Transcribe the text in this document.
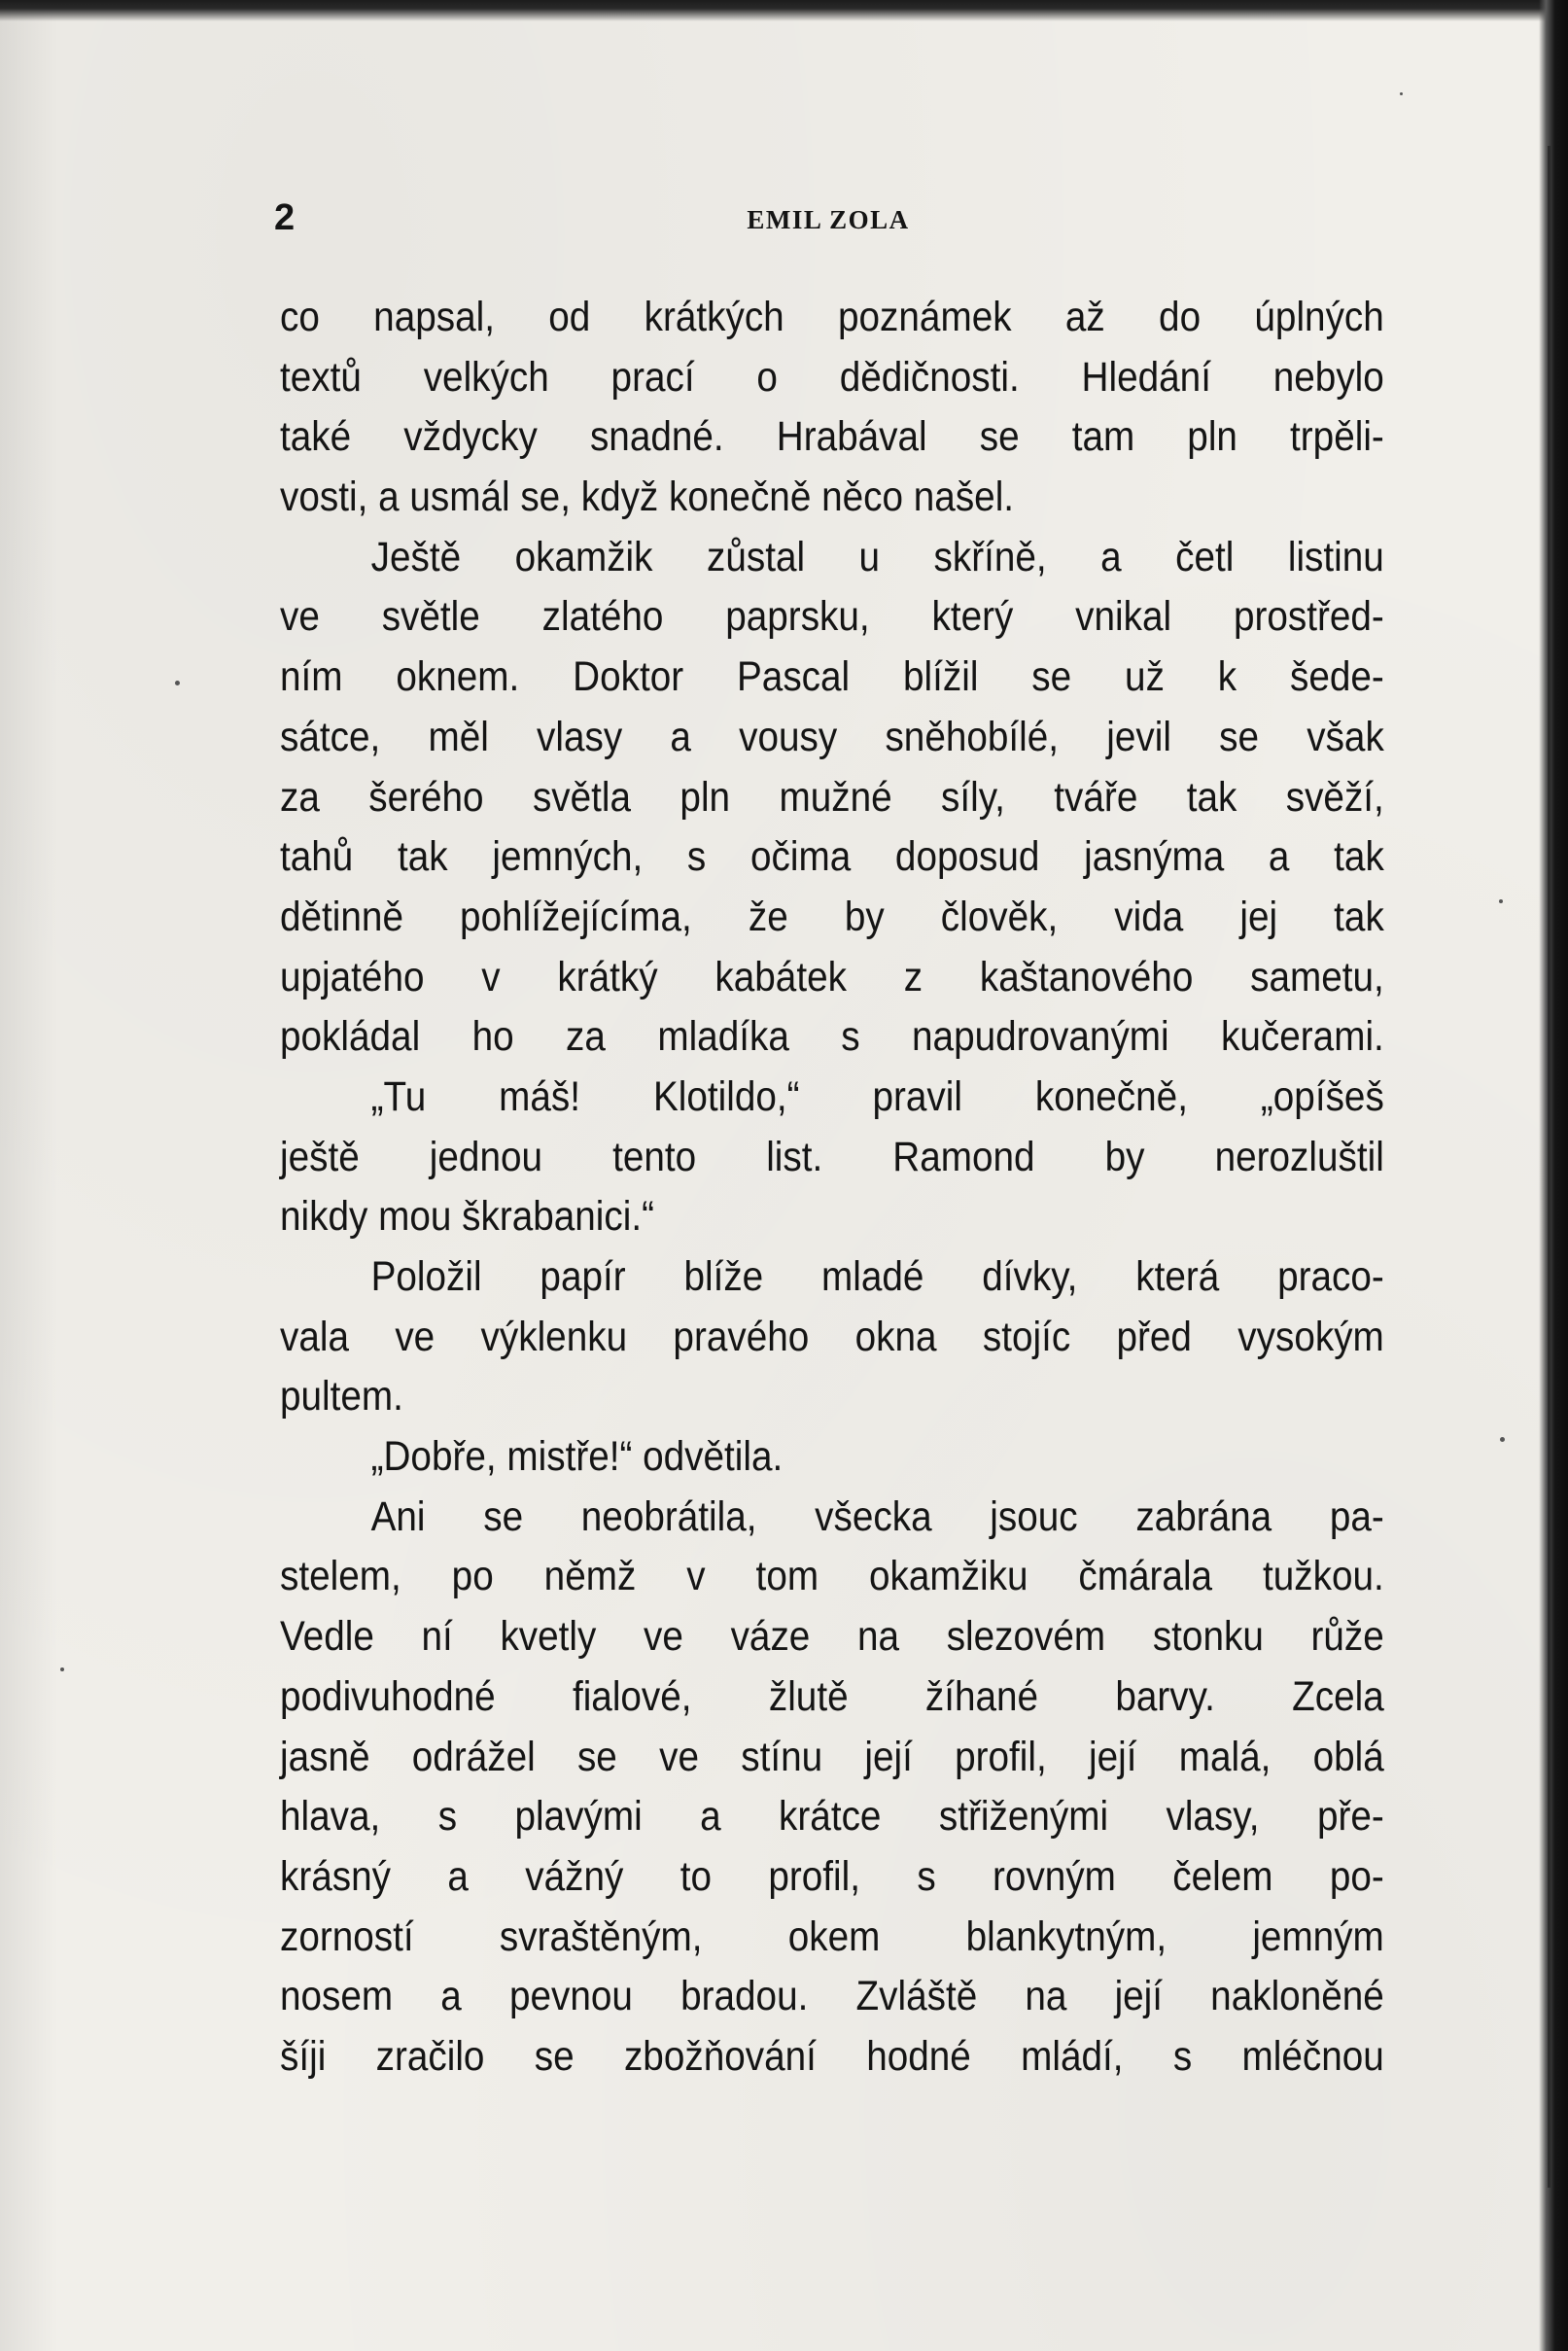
2	EMIL ZOLA
co napsal, od krátkých poznámek až do úplných
textů velkých prací o dědičnosti. Hledání nebylo
také vždycky snadné. Hrabával se tam pln trpěli-
vosti, a usmál se, když konečně něco našel.
Ještě okamžik zůstal u skříně, a četl listinu
ve světle zlatého paprsku, který vnikal prostřed-
ním oknem. Doktor Pascal blížil se už k šede-
sátce, měl vlasy a vousy sněhobílé, jevil se však
za šerého světla pln mužné síly, tváře tak svěží,
tahů tak jemných, s očima doposud jasnýma a tak
dětinně pohlížejícíma, že by člověk, vida jej tak
upjatého v krátký kabátek z kaštanového sametu,
pokládal ho za mladíka s napudrovanými kučerami.
„Tu máš! Klotildo,“ pravil konečně, „opíšeš
ještě jednou tento list. Ramond by nerozluštil
nikdy mou škrabanici.“
Položil papír blíže mladé dívky, která praco-
vala ve výklenku pravého okna stojíc před vysokým
pultem.
„Dobře, mistře!“ odvětila.
Ani se neobrátila, všecka jsouc zabrána pa-
stelem, po němž v tom okamžiku čmárala tužkou.
Vedle ní kvetly ve váze na slezovém stonku růže
podivuhodné fialové, žlutě žíhané barvy. Zcela
jasně odrážel se ve stínu její profil, její malá, oblá
hlava, s plavými a krátce střiženými vlasy, pře-
krásný a vážný to profil, s rovným čelem po-
zorností svraštěným, okem blankytným, jemným
nosem a pevnou bradou. Zvláště na její nakloněné
šíji zračilo se zbožňování hodné mládí, s mléčnou
